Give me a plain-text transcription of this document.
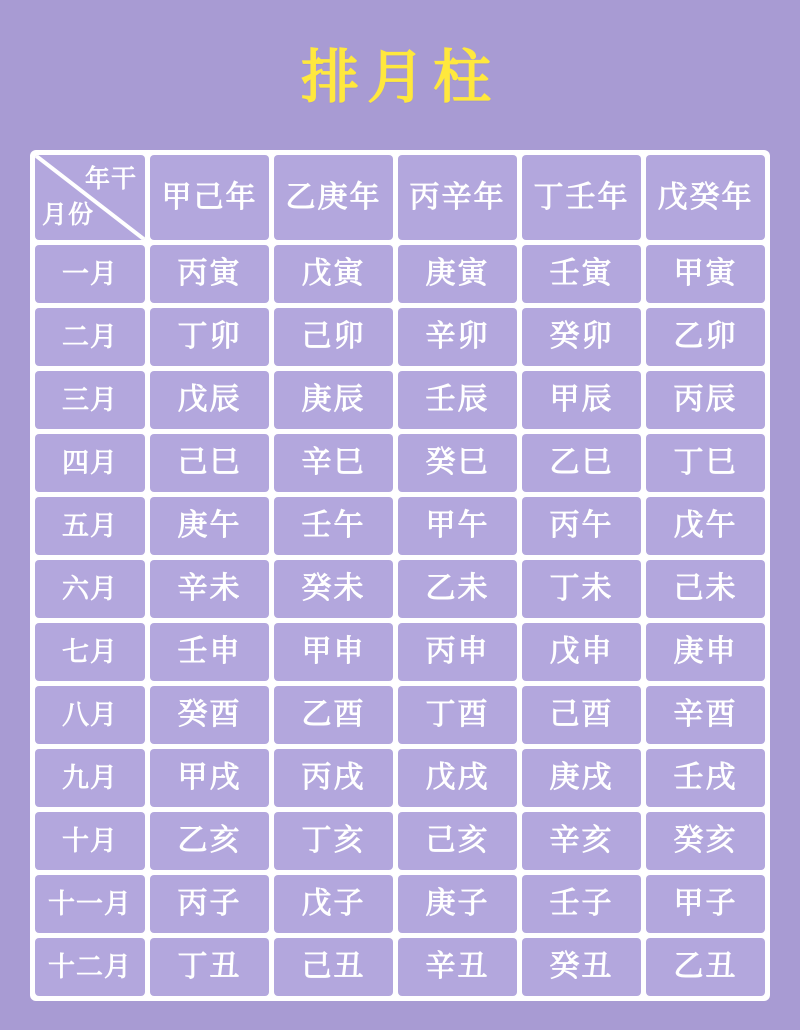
排月柱
年干
月份
甲己年 乙庚年 丙辛年 丁壬年 戊癸年
一月	丙寅	戊寅	庚寅	壬寅	甲寅
二月	丁卯	己卯	辛卯	癸卯	乙卯
三月	戊辰	庚辰	壬辰	甲辰	丙辰
四月	己巳	辛巳	癸巳	乙巳	丁巳
五月	庚午	壬午	甲午	丙午	戊午
六月	辛未	癸未	乙未	丁未	己未
七月	壬申	甲申	丙申	戊申	庚申
八月	癸酉	乙酉	丁酉	己酉	辛酉
九月	甲戌	丙戌	戊戌	庚戌	壬戌
十月	乙亥	丁亥	己亥	辛亥	癸亥
十一月	丙子	戊子	庚子	壬子	甲子
十二月	丁丑	己丑	辛丑	癸丑	乙丑
